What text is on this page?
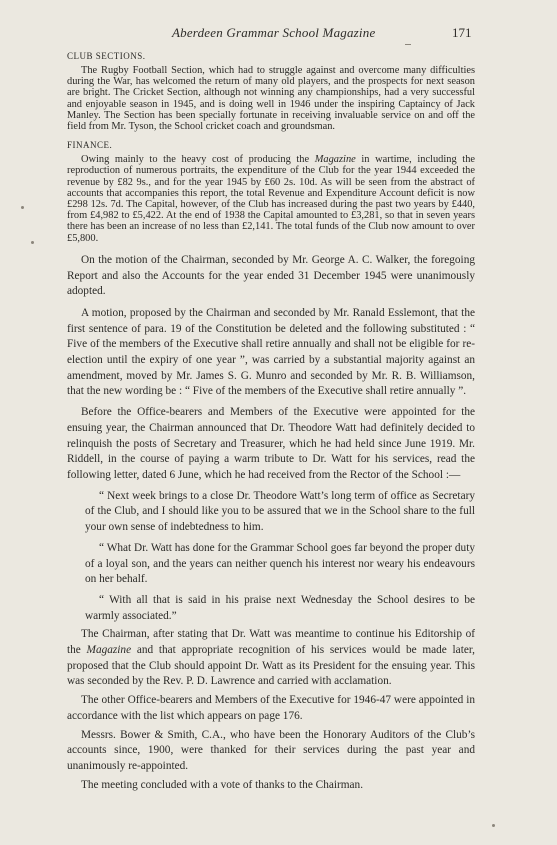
Aberdeen Grammar School Magazine	171
CLUB SECTIONS.

The Rugby Football Section, which had to struggle against and overcome many difficulties during the War, has welcomed the return of many old players, and the prospects for next season are bright. The Cricket Section, although not winning any championships, had a very successful and enjoyable season in 1945, and is doing well in 1946 under the inspiring Captaincy of Jack Manley. The Section has been specially fortunate in receiving invaluable service on and off the field from Mr. Tyson, the School cricket coach and groundsman.

FINANCE.

Owing mainly to the heavy cost of producing the Magazine in wartime, including the reproduction of numerous portraits, the expenditure of the Club for the year 1944 exceeded the revenue by £82 9s., and for the year 1945 by £60 2s. 10d. As will be seen from the abstract of accounts that accompanies this report, the total Revenue and Expenditure Account deficit is now £298 12s. 7d. The Capital, however, of the Club has increased during the past two years by £440, from £4,982 to £5,422. At the end of 1938 the Capital amounted to £3,281, so that in seven years there has been an increase of no less than £2,141. The total funds of the Club now amount to over £5,800.

On the motion of the Chairman, seconded by Mr. George A. C. Walker, the foregoing Report and also the Accounts for the year ended 31 December 1945 were unanimously adopted.

A motion, proposed by the Chairman and seconded by Mr. Ranald Esslemont, that the first sentence of para. 19 of the Constitution be deleted and the following substituted : “ Five of the members of the Executive shall retire annually and shall not be eligible for re-election until the expiry of one year ”, was carried by a substantial majority against an amendment, moved by Mr. James S. G. Munro and seconded by Mr. R. B. Williamson, that the new wording be : “ Five of the members of the Executive shall retire annually ”.

Before the Office-bearers and Members of the Executive were appointed for the ensuing year, the Chairman announced that Dr. Theodore Watt had definitely decided to relinquish the posts of Secretary and Treasurer, which he had held since June 1919. Mr. Riddell, in the course of paying a warm tribute to Dr. Watt for his services, read the following letter, dated 6 June, which he had received from the Rector of the School :—

“ Next week brings to a close Dr. Theodore Watt’s long term of office as Secretary of the Club, and I should like you to be assured that we in the School share to the full your own sense of indebtedness to him.

“ What Dr. Watt has done for the Grammar School goes far beyond the proper duty of a loyal son, and the years can neither quench his interest nor weary his endeavours on her behalf.

“ With all that is said in his praise next Wednesday the School desires to be warmly associated.”

The Chairman, after stating that Dr. Watt was meantime to continue his Editorship of the Magazine and that appropriate recognition of his services would be made later, proposed that the Club should appoint Dr. Watt as its President for the ensuing year. This was seconded by the Rev. P. D. Lawrence and carried with acclamation.

The other Office-bearers and Members of the Executive for 1946-47 were appointed in accordance with the list which appears on page 176.

Messrs. Bower & Smith, C.A., who have been the Honorary Auditors of the Club’s accounts since, 1900, were thanked for their services during the past year and unanimously re-appointed.

The meeting concluded with a vote of thanks to the Chairman.
